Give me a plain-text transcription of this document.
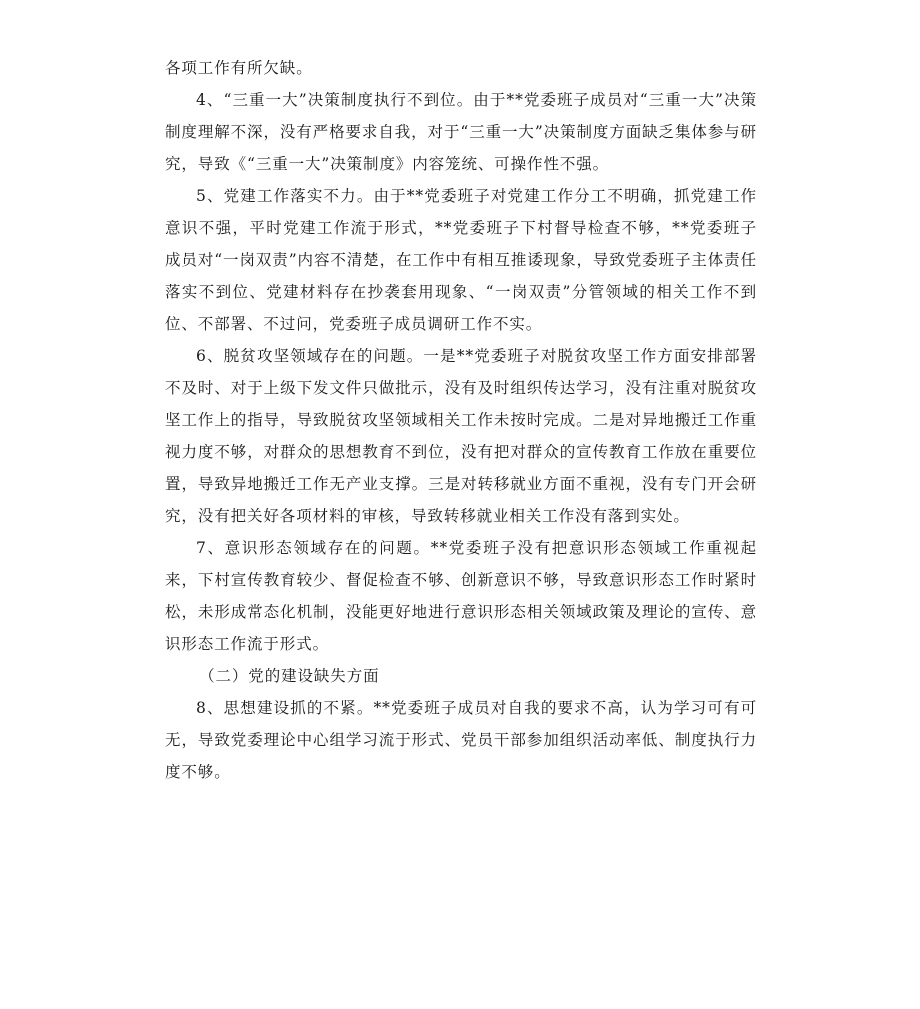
各项工作有所欠缺。

4、“三重一大”决策制度执行不到位。由于**党委班子成员对“三重一大”决策制度理解不深，没有严格要求自我，对于“三重一大”决策制度方面缺乏集体参与研究，导致《“三重一大”决策制度》内容笼统、可操作性不强。

5、党建工作落实不力。由于**党委班子对党建工作分工不明确，抓党建工作意识不强，平时党建工作流于形式，**党委班子下村督导检查不够，**党委班子成员对“一岗双责”内容不清楚，在工作中有相互推诿现象，导致党委班子主体责任落实不到位、党建材料存在抄袭套用现象、“一岗双责”分管领域的相关工作不到位、不部署、不过问，党委班子成员调研工作不实。

6、脱贫攻坚领域存在的问题。一是**党委班子对脱贫攻坚工作方面安排部署不及时、对于上级下发文件只做批示，没有及时组织传达学习，没有注重对脱贫攻坚工作上的指导，导致脱贫攻坚领域相关工作未按时完成。二是对异地搬迁工作重视力度不够，对群众的思想教育不到位，没有把对群众的宣传教育工作放在重要位置，导致异地搬迁工作无产业支撑。三是对转移就业方面不重视，没有专门开会研究，没有把关好各项材料的审核，导致转移就业相关工作没有落到实处。

7、意识形态领域存在的问题。**党委班子没有把意识形态领域工作重视起来，下村宣传教育较少、督促检查不够、创新意识不够，导致意识形态工作时紧时松，未形成常态化机制，没能更好地进行意识形态相关领域政策及理论的宣传、意识形态工作流于形式。

（二）党的建设缺失方面

8、思想建设抓的不紧。**党委班子成员对自我的要求不高，认为学习可有可无，导致党委理论中心组学习流于形式、党员干部参加组织活动率低、制度执行力度不够。
